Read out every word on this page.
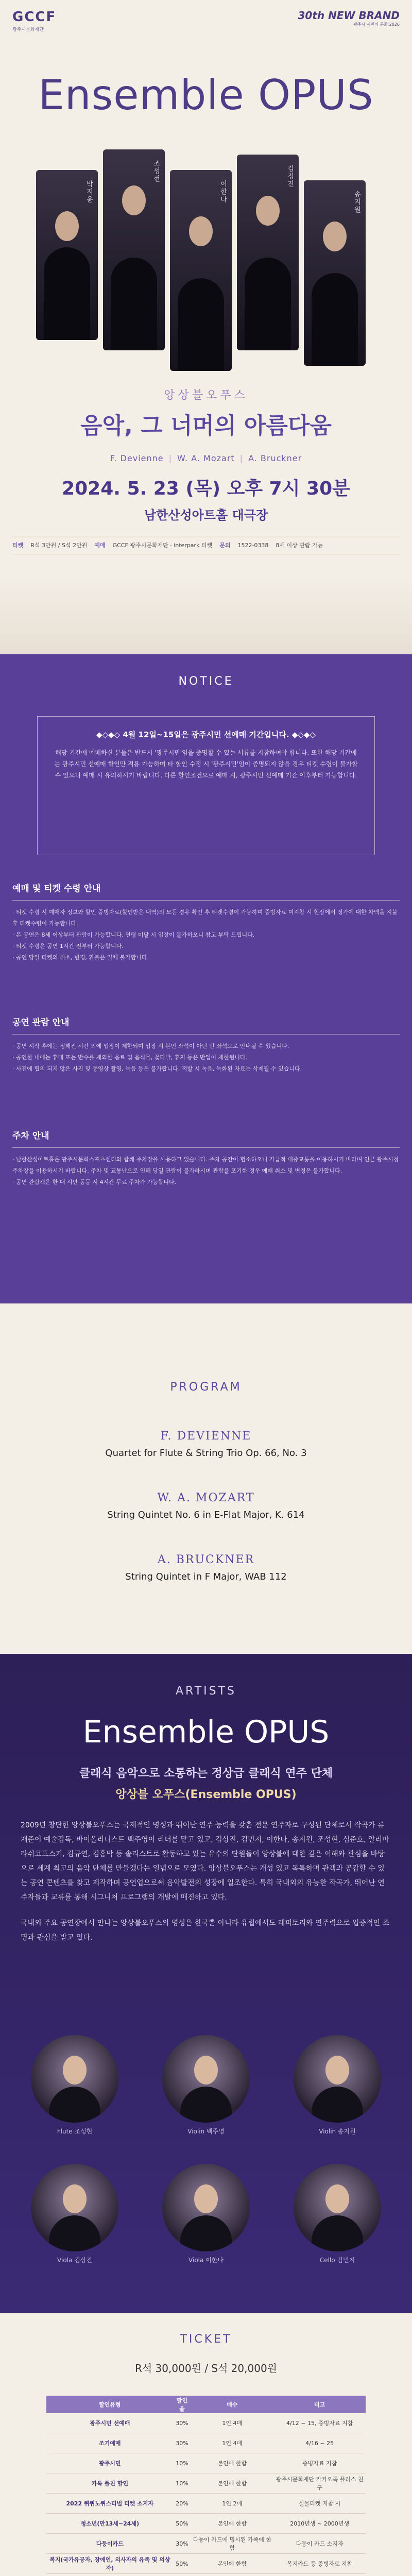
GCCF
광주시문화재단
30th NEW BRAND
광주시 시민의 문화 2026
Ensemble OPUS
박지윤
조성현
이한나
김정진
송지원
앙상블오푸스
음악, 그 너머의 아름다움
F. Devienne | W. A. Mozart | A. Bruckner
2024. 5. 23 (목) 오후 7시 30분
남한산성아트홀 대극장
티켓 R석 3만원 / S석 2만원 예매 GCCF 광주시문화재단 · interpark 티켓 문의 1522-0338 8세 이상 관람 가능
NOTICE
◆◇◆◇ 4월 12일~15일은 광주시민 선예매 기간입니다. ◆◇◆◇
해당 기간에 예매하신 분들은 반드시 '광주시민'임을 증명할 수 있는 서류를 지참하여야 합니다. 또한 해당 기간에는 광주시민 선예매 할인만 적용 가능하며 타 할인 수정 시 '광주시민'임이 증명되지 않을 경우 티켓 수령이 불가할 수 있으니 예매 시 유의하시기 바랍니다. 다른 할인조건으로 예매 시, 광주시민 선예매 기간 이후부터 가능합니다.
예매 및 티켓 수령 안내
· 티켓 수령 시 예매자 정보와 할인 증빙자료(할인받은 내역)의 모든 경유 확인 후 티켓수령이 가능하며 증빙자료 미지참 시 현장에서 정가에 대한 차액을 지불 후 티켓수령이 가능합니다.
· 본 공연은 8세 이상부터 관람이 가능합니다. 연령 미달 시 입장이 불가하오니 참고 부탁 드립니다.
· 티켓 수령은 공연 1시간 전부터 가능합니다.
· 공연 당일 티켓의 취소, 변경, 환불은 일체 불가합니다.
공연 관람 안내
· 공연 시작 후에는 정해진 시간 외에 입장이 제한되며 입장 시 본인 좌석이 아닌 빈 좌석으로 안내될 수 있습니다.
· 공연한 내에는 휴대 또는 반수를 제외한 음료 및 음식물, 꽃다발, 휴지 등은 반입이 제한됩니다.
· 사전에 협의 되지 않은 사진 및 동영상 촬영, 녹음 등은 불가합니다. 적발 시 녹음, 녹화된 자료는 삭제될 수 있습니다.
주차 안내
· 남한산성아트홀은 광주시문화스포츠센터와 함께 주차장을 사용하고 있습니다. 주차 공간이 협소하오니 가급적 대중교통을 이용하시기 바라며 인근 광주시청 주차장을 이용하시기 바랍니다. 주차 및 교통난으로 인해 당일 관람이 불가하시며 관람을 포기한 경우 예매 취소 및 변경은 불가합니다.
· 공연 관람객은 한 대 시만 동등 시 4시간 무료 주차가 가능합니다.
PROGRAM
F. DEVIENNE
Quartet for Flute & String Trio Op. 66, No. 3
W. A. MOZART
String Quintet No. 6 in E-Flat Major, K. 614
A. BRUCKNER
String Quintet in F Major, WAB 112
ARTISTS
Ensemble OPUS
클래식 음악으로 소통하는 정상급 클래식 연주 단체
앙상블 오푸스(Ensemble OPUS)
2009년 창단한 앙상블오푸스는 국제적인 명성과 뛰어난 연주 능력을 갖춘 전문 연주자로 구성된 단체로서 작곡가 류재준이 예술감독, 바이올리니스트 백주영이 리더를 맡고 있고, 김상진, 김민지, 이한나, 송지원, 조성현, 심준호, 알리마 라쉬코프스키, 김규연, 김홍박 등 솔리스트로 활동하고 있는 유수의 단원들이 앙상블에 대한 깊은 이해와 관심을 바탕으로 세계 최고의 음악 단체를 만들겠다는 일념으로 모였다. 앙상블오푸스는 개성 있고 독특하며 관객과 공감할 수 있는 공연 콘텐츠를 찾고 제작하며 공연업으로써 음악발전의 성장에 일조한다. 특히 국내외의 유능한 작곡가, 뛰어난 연주자들과 교류를 통해 시그니처 프로그램의 개발에 매진하고 있다.
국내외 주요 공연장에서 만나는 앙상블오푸스의 명성은 한국뿐 아니라 유럽에서도 레퍼토리와 연주력으로 입증적인 조명과 관심을 받고 있다.
Flute 조성현	Violin 백주영	Violin 송지원
Viola 김상진	Viola 이한나	Cello 김민지
TICKET
R석 30,000원 / S석 20,000원
할인유형	할인율	매수	비고
광주시민 선예매	30%	1인 4매	4/12 ~ 15, 증빙자료 지참
조기예매	30%	1인 4매	4/16 ~ 25
광주시민	10%	본인에 한함	증빙자료 지참
카톡 플친 할인	10%	본인에 한함	광주시문화재단 카카오톡 플러스 친구
2022 퀴퀴노퀴스티벌 티켓 소지자	20%	1인 2매	실물티켓 지참 시
청소년(만13세~24세)	50%	본인에 한함	2010년생 ~ 2000년생
다둥이카드	30%	다둥이 카드에 명시된 가족에 한함	다둥이 카드 소지자
복지(국가유공자, 장애인, 의사자의 유족 및 의상자)	50%	본인에 한함	복지카드 등 증빙자료 지참
